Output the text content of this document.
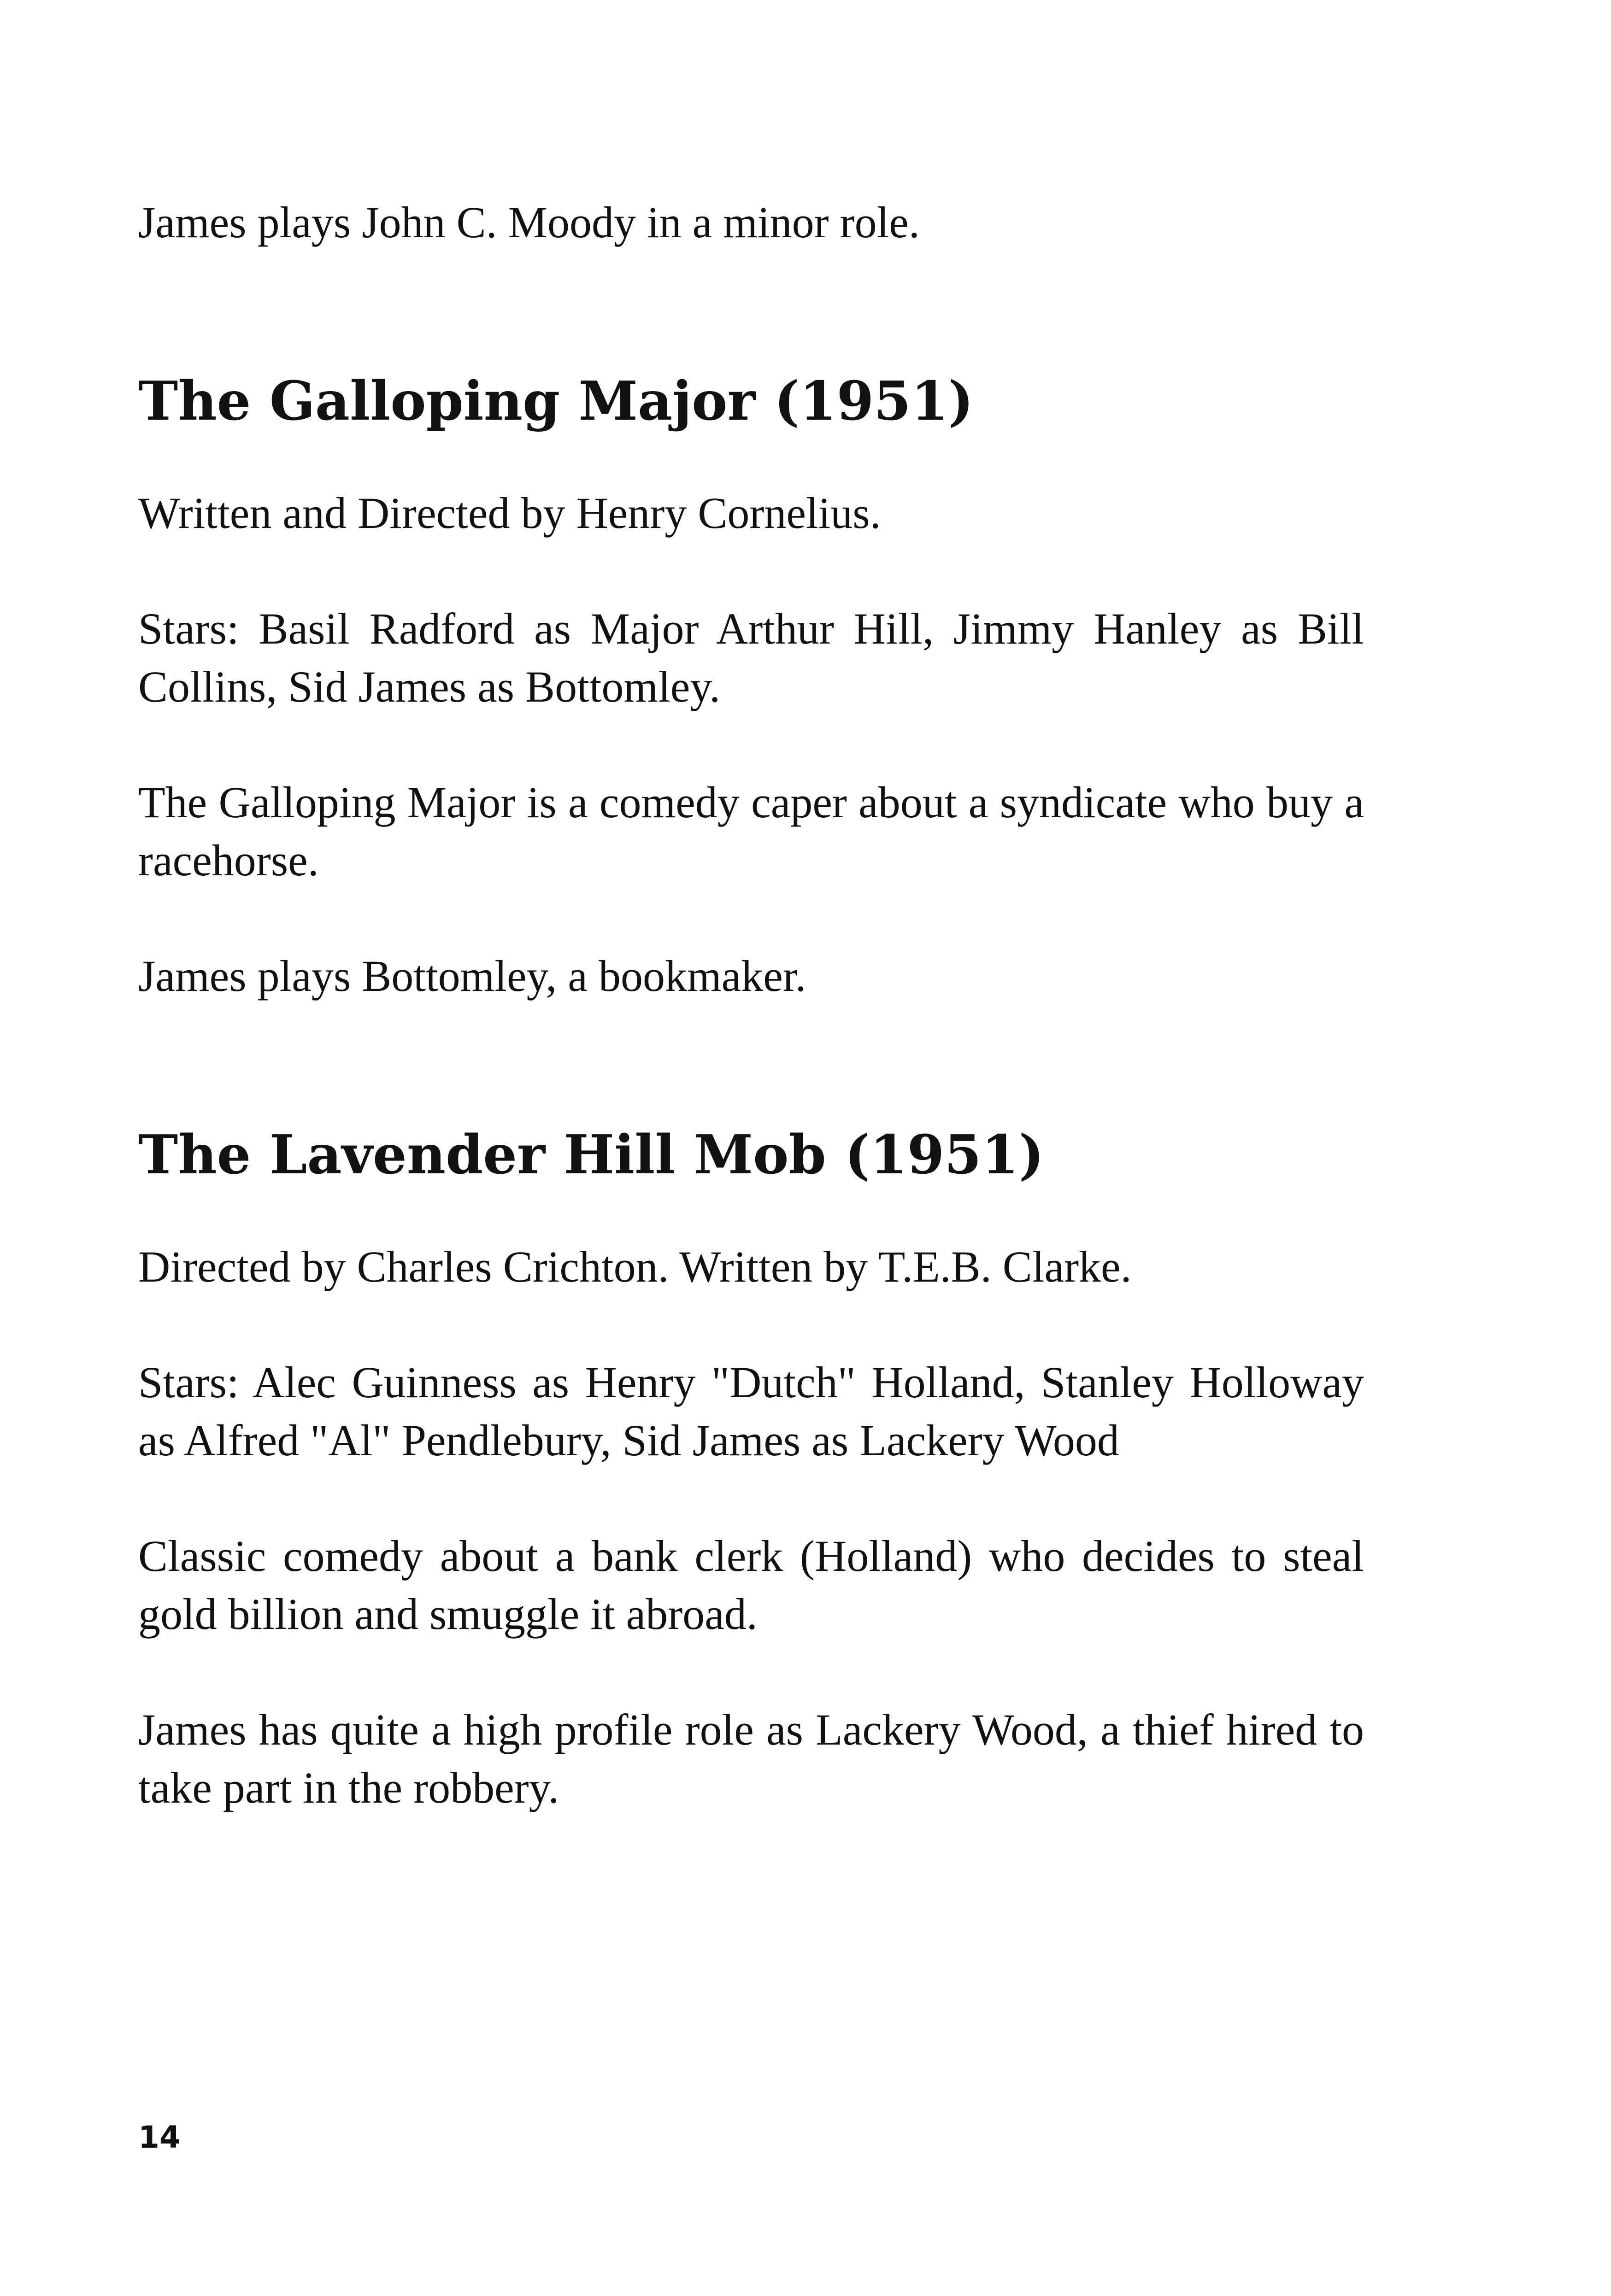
James plays John C. Moody in a minor role.

The Galloping Major (1951)

Written and Directed by Henry Cornelius.

Stars: Basil Radford as Major Arthur Hill, Jimmy Hanley as Bill Collins, Sid James as Bottomley.

The Galloping Major is a comedy caper about a syndicate who buy a racehorse.

James plays Bottomley, a bookmaker.

The Lavender Hill Mob (1951)

Directed by Charles Crichton. Written by T.E.B. Clarke.

Stars: Alec Guinness as Henry "Dutch" Holland, Stanley Holloway as Alfred "Al" Pendlebury, Sid James as Lackery Wood

Classic comedy about a bank clerk (Holland) who decides to steal gold billion and smuggle it abroad.

James has quite a high profile role as Lackery Wood, a thief hired to take part in the robbery.

14
